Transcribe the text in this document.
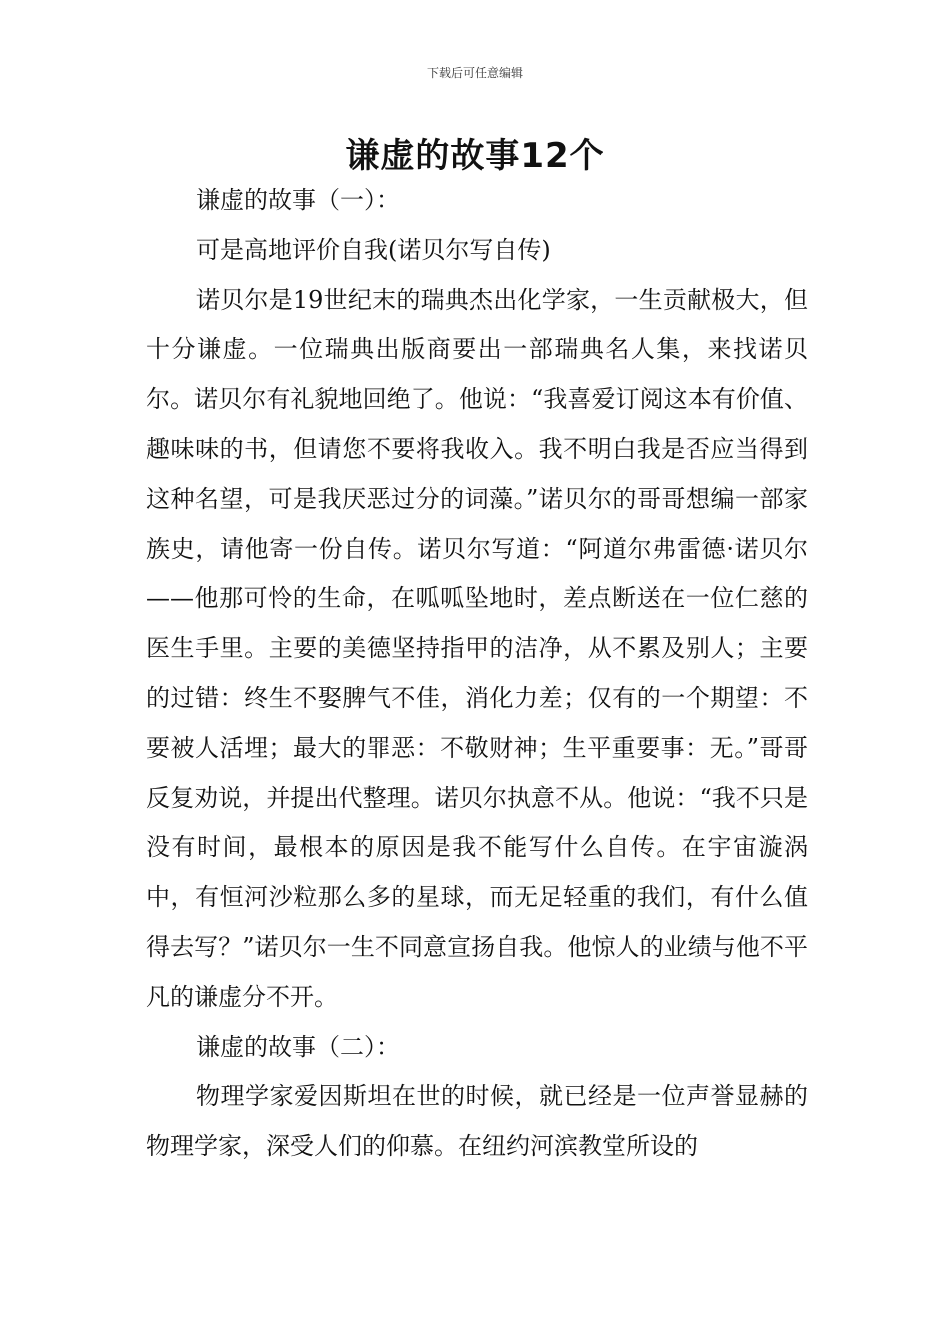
下载后可任意编辑
谦虚的故事12个

谦虚的故事（一）：

可是高地评价自我(诺贝尔写自传)

诺贝尔是19世纪末的瑞典杰出化学家，一生贡献极大，但十分谦虚。一位瑞典出版商要出一部瑞典名人集，来找诺贝尔。诺贝尔有礼貌地回绝了。他说：“我喜爱订阅这本有价值、趣味味的书，但请您不要将我收入。我不明白我是否应当得到这种名望，可是我厌恶过分的词藻。”诺贝尔的哥哥想编一部家族史，请他寄一份自传。诺贝尔写道：“阿道尔弗雷德·诺贝尔——他那可怜的生命，在呱呱坠地时，差点断送在一位仁慈的医生手里。主要的美德坚持指甲的洁净，从不累及别人；主要的过错：终生不娶脾气不佳，消化力差；仅有的一个期望：不要被人活埋；最大的罪恶：不敬财神；生平重要事：无。”哥哥反复劝说，并提出代整理。诺贝尔执意不从。他说：“我不只是没有时间，最根本的原因是我不能写什么自传。在宇宙漩涡中，有恒河沙粒那么多的星球，而无足轻重的我们，有什么值得去写？”诺贝尔一生不同意宣扬自我。他惊人的业绩与他不平凡的谦虚分不开。

谦虚的故事（二）：

物理学家爱因斯坦在世的时候，就已经是一位声誉显赫的物理学家，深受人们的仰慕。在纽约河滨教堂所设的
